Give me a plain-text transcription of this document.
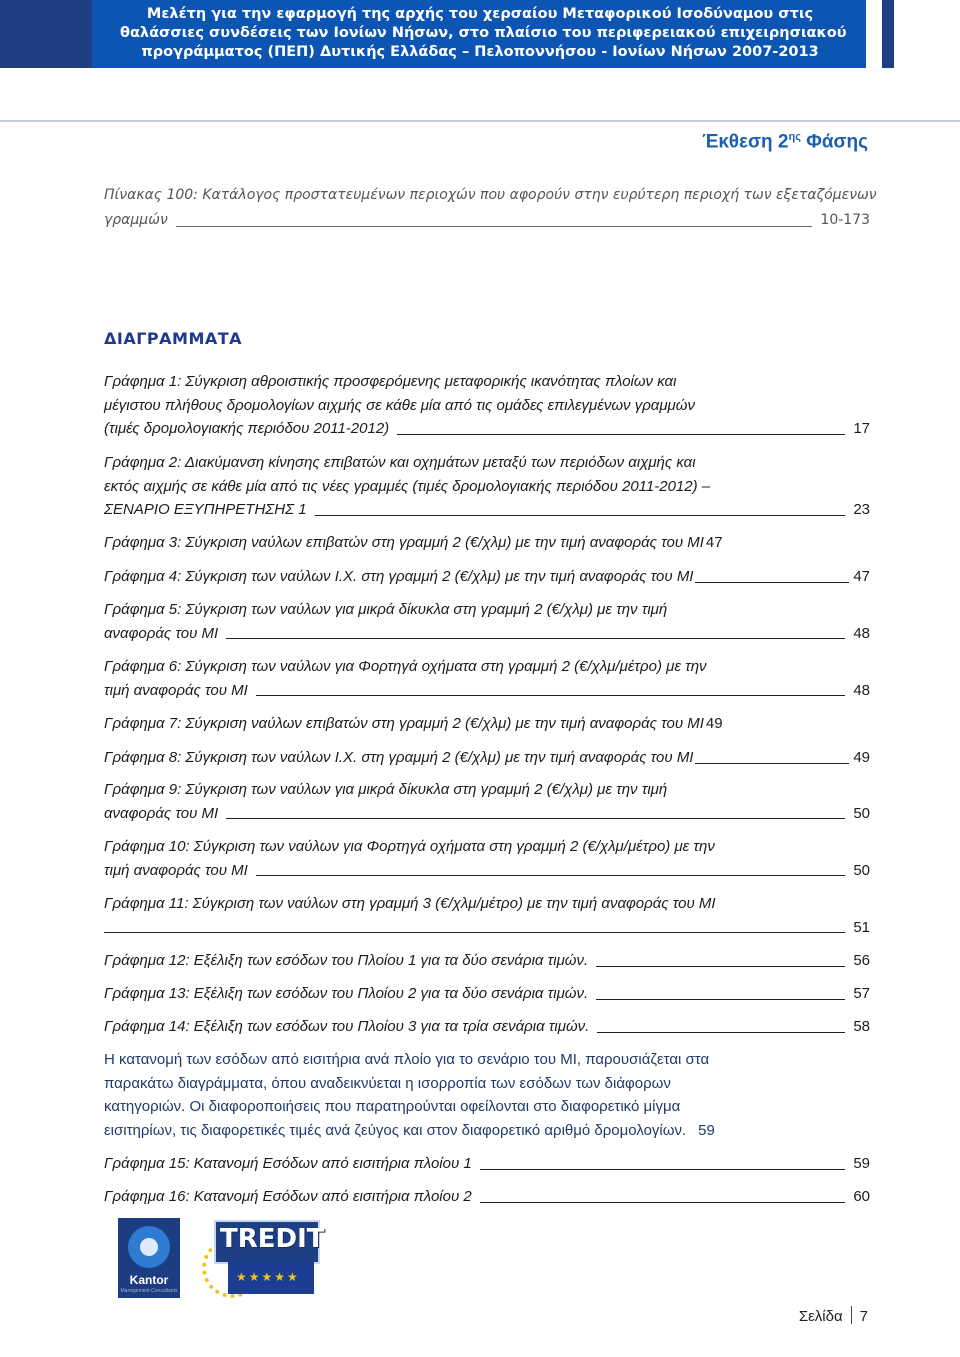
Μελέτη για την εφαρμογή της αρχής του χερσαίου Μεταφορικού Ισοδύναμου στις
θαλάσσιες συνδέσεις των Ιονίων Νήσων, στο πλαίσιο του περιφερειακού επιχειρησιακού
προγράμματος (ΠΕΠ) Δυτικής Ελλάδας – Πελοποννήσου - Ιονίων Νήσων 2007-2013
Έκθεση $2^{\eta\varsigma}$ Φάσης
Πίνακας 100: Κατάλογος προστατευμένων περιοχών που αφορούν στην ευρύτερη περιοχή των εξεταζόμενων
γραμμών	10-173
ΔΙΑΓΡΑΜΜΑΤΑ
Γράφημα 1: Σύγκριση αθροιστικής προσφερόμενης μεταφορικής ικανότητας πλοίων και
μέγιστου πλήθους δρομολογίων αιχμής σε κάθε μία από τις ομάδες επιλεγμένων γραμμών
(τιμές δρομολογιακής περιόδου 2011-2012)	17
Γράφημα 2: Διακύμανση κίνησης επιβατών και οχημάτων μεταξύ των περιόδων αιχμής και
εκτός αιχμής σε κάθε μία από τις νέες γραμμές (τιμές δρομολογιακής περιόδου 2011-2012) –
ΣΕΝΑΡΙΟ ΕΞΥΠΗΡΕΤΗΣΗΣ 1	23
Γράφημα 3: Σύγκριση ναύλων επιβατών στη γραμμή 2 (€/χλμ) με την τιμή αναφοράς του ΜΙ 47
Γράφημα 4: Σύγκριση των ναύλων Ι.Χ. στη γραμμή 2 (€/χλμ) με την τιμή αναφοράς του ΜΙ	47
Γράφημα 5: Σύγκριση των ναύλων για μικρά δίκυκλα στη γραμμή 2 (€/χλμ) με την τιμή
αναφοράς του ΜΙ	48
Γράφημα 6: Σύγκριση των ναύλων για Φορτηγά οχήματα στη γραμμή 2 (€/χλμ/μέτρο) με την
τιμή αναφοράς του ΜΙ	48
Γράφημα 7: Σύγκριση ναύλων επιβατών στη γραμμή 2 (€/χλμ) με την τιμή αναφοράς του ΜΙ 49
Γράφημα 8: Σύγκριση των ναύλων Ι.Χ. στη γραμμή 2 (€/χλμ) με την τιμή αναφοράς του ΜΙ	49
Γράφημα 9: Σύγκριση των ναύλων για μικρά δίκυκλα στη γραμμή 2 (€/χλμ) με την τιμή
αναφοράς του ΜΙ	50
Γράφημα 10: Σύγκριση των ναύλων για Φορτηγά οχήματα στη γραμμή 2 (€/χλμ/μέτρο) με την
τιμή αναφοράς του ΜΙ	50
Γράφημα 11: Σύγκριση των ναύλων στη γραμμή 3 (€/χλμ/μέτρο) με την τιμή αναφοράς του ΜΙ
51
Γράφημα 12: Εξέλιξη των εσόδων του Πλοίου 1 για τα δύο σενάρια τιμών.	56
Γράφημα 13: Εξέλιξη των εσόδων του Πλοίου 2 για τα δύο σενάρια τιμών.	57
Γράφημα 14: Εξέλιξη των εσόδων του Πλοίου 3 για τα τρία σενάρια τιμών.	58
Η κατανομή των εσόδων από εισιτήρια ανά πλοίο για το σενάριο του ΜΙ, παρουσιάζεται στα
παρακάτω διαγράμματα, όπου αναδεικνύεται η ισορροπία των εσόδων των διάφορων
κατηγοριών. Οι διαφοροποιήσεις που παρατηρούνται οφείλονται στο διαφορετικό μίγμα
εισιτηρίων, τις διαφορετικές τιμές ανά ζεύγος και στον διαφορετικό αριθμό δρομολογίων. 59
Γράφημα 15: Κατανομή Εσόδων από εισιτήρια πλοίου 1	59
Γράφημα 16: Κατανομή Εσόδων από εισιτήρια πλοίου 2	60
Kantor
Management Consultants
TREDIT
★★★★★
Σελίδα 7
